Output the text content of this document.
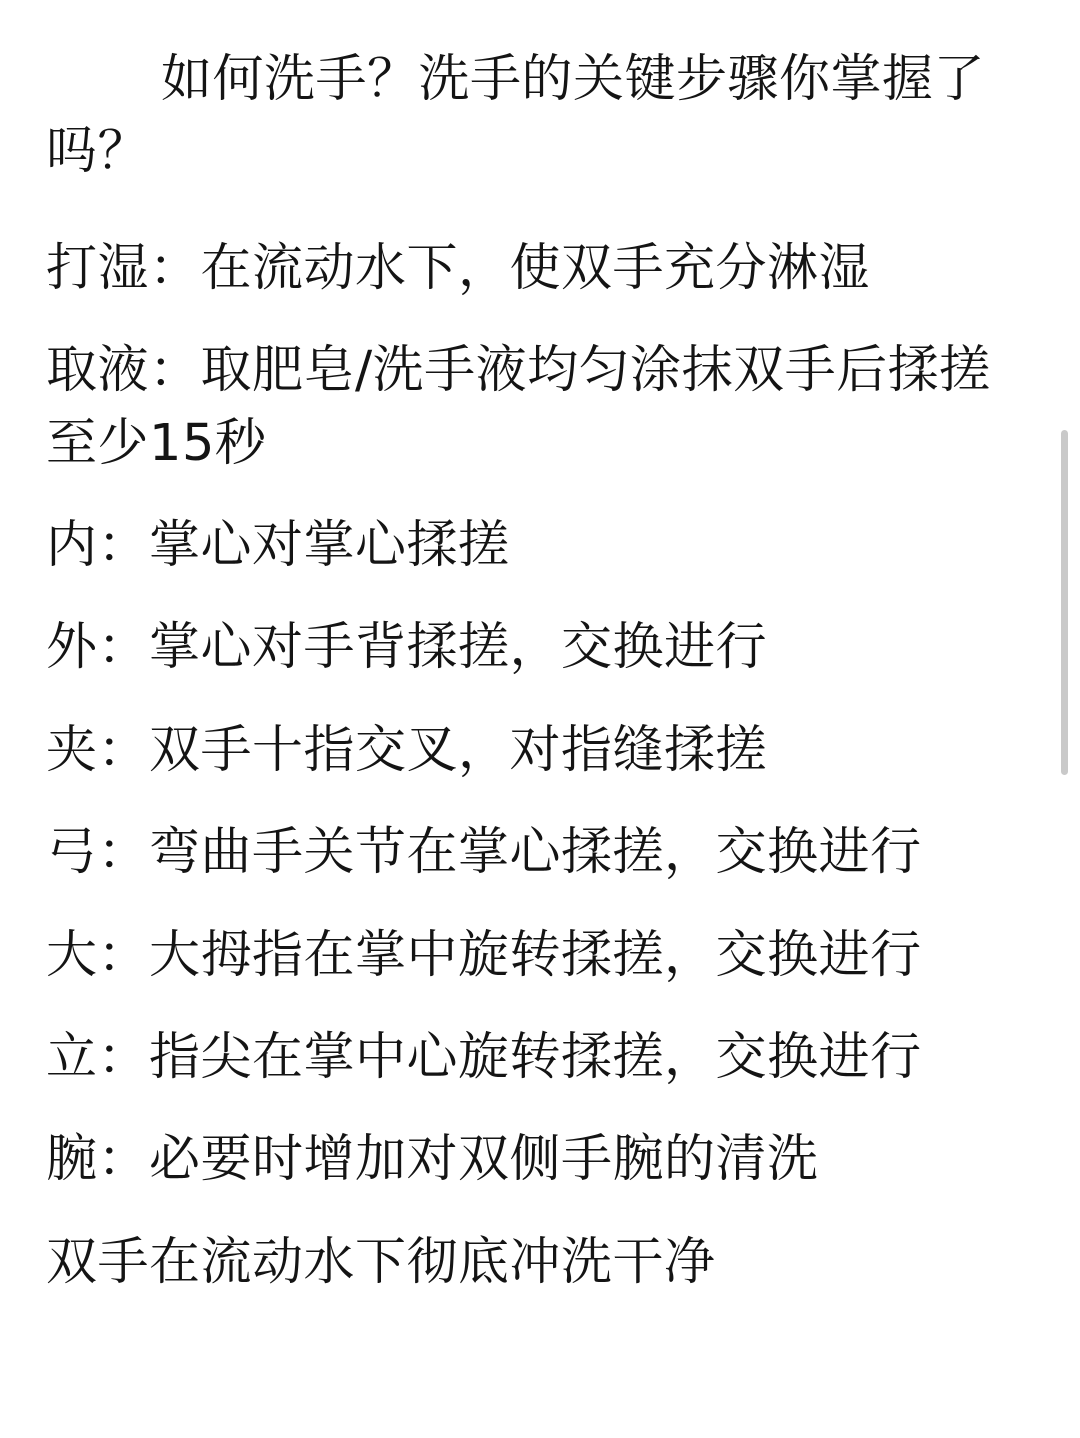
如何洗手？洗手的关键步骤你掌握了吗？

打湿：在流动水下，使双手充分淋湿

取液：取肥皂/洗手液均匀涂抹双手后揉搓至少15秒

内：掌心对掌心揉搓

外：掌心对手背揉搓，交换进行

夹：双手十指交叉，对指缝揉搓

弓：弯曲手关节在掌心揉搓，交换进行

大：大拇指在掌中旋转揉搓，交换进行

立：指尖在掌中心旋转揉搓，交换进行

腕：必要时增加对双侧手腕的清洗

双手在流动水下彻底冲洗干净
